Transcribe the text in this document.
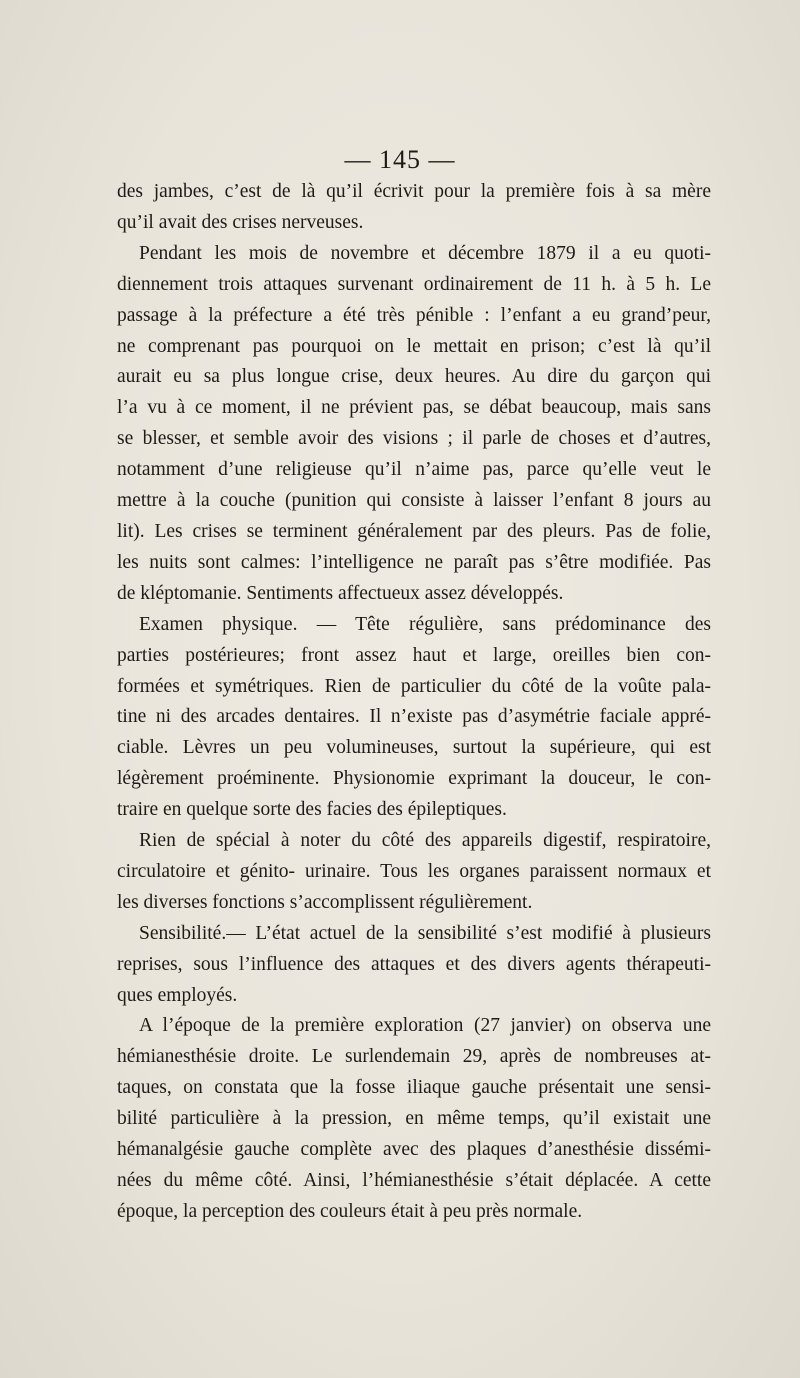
— 145 —
des jambes, c’est de là qu’il écrivit pour la première fois à sa mère
qu’il avait des crises nerveuses.
Pendant les mois de novembre et décembre 1879 il a eu quoti-
diennement trois attaques survenant ordinairement de 11 h. à 5 h. Le
passage à la préfecture a été très pénible : l’enfant a eu grand’peur,
ne comprenant pas pourquoi on le mettait en prison; c’est là qu’il
aurait eu sa plus longue crise, deux heures. Au dire du garçon qui
l’a vu à ce moment, il ne prévient pas, se débat beaucoup, mais sans
se blesser, et semble avoir des visions ; il parle de choses et d’autres,
notamment d’une religieuse qu’il n’aime pas, parce qu’elle veut le
mettre à la couche (punition qui consiste à laisser l’enfant 8 jours au
lit). Les crises se terminent généralement par des pleurs. Pas de folie,
les nuits sont calmes: l’intelligence ne paraît pas s’être modifiée. Pas
de kléptomanie. Sentiments affectueux assez développés.
Examen physique. — Tête régulière, sans prédominance des
parties postérieures; front assez haut et large, oreilles bien con-
formées et symétriques. Rien de particulier du côté de la voûte pala-
tine ni des arcades dentaires. Il n’existe pas d’asymétrie faciale appré-
ciable. Lèvres un peu volumineuses, surtout la supérieure, qui est
légèrement proéminente. Physionomie exprimant la douceur, le con-
traire en quelque sorte des facies des épileptiques.
Rien de spécial à noter du côté des appareils digestif, respiratoire,
circulatoire et génito- urinaire. Tous les organes paraissent normaux et
les diverses fonctions s’accomplissent régulièrement.
Sensibilité.— L’état actuel de la sensibilité s’est modifié à plusieurs
reprises, sous l’influence des attaques et des divers agents thérapeuti-
ques employés.
A l’époque de la première exploration (27 janvier) on observa une
hémianesthésie droite. Le surlendemain 29, après de nombreuses at-
taques, on constata que la fosse iliaque gauche présentait une sensi-
bilité particulière à la pression, en même temps, qu’il existait une
hémanalgésie gauche complète avec des plaques d’anesthésie dissémi-
nées du même côté. Ainsi, l’hémianesthésie s’était déplacée. A cette
époque, la perception des couleurs était à peu près normale.
